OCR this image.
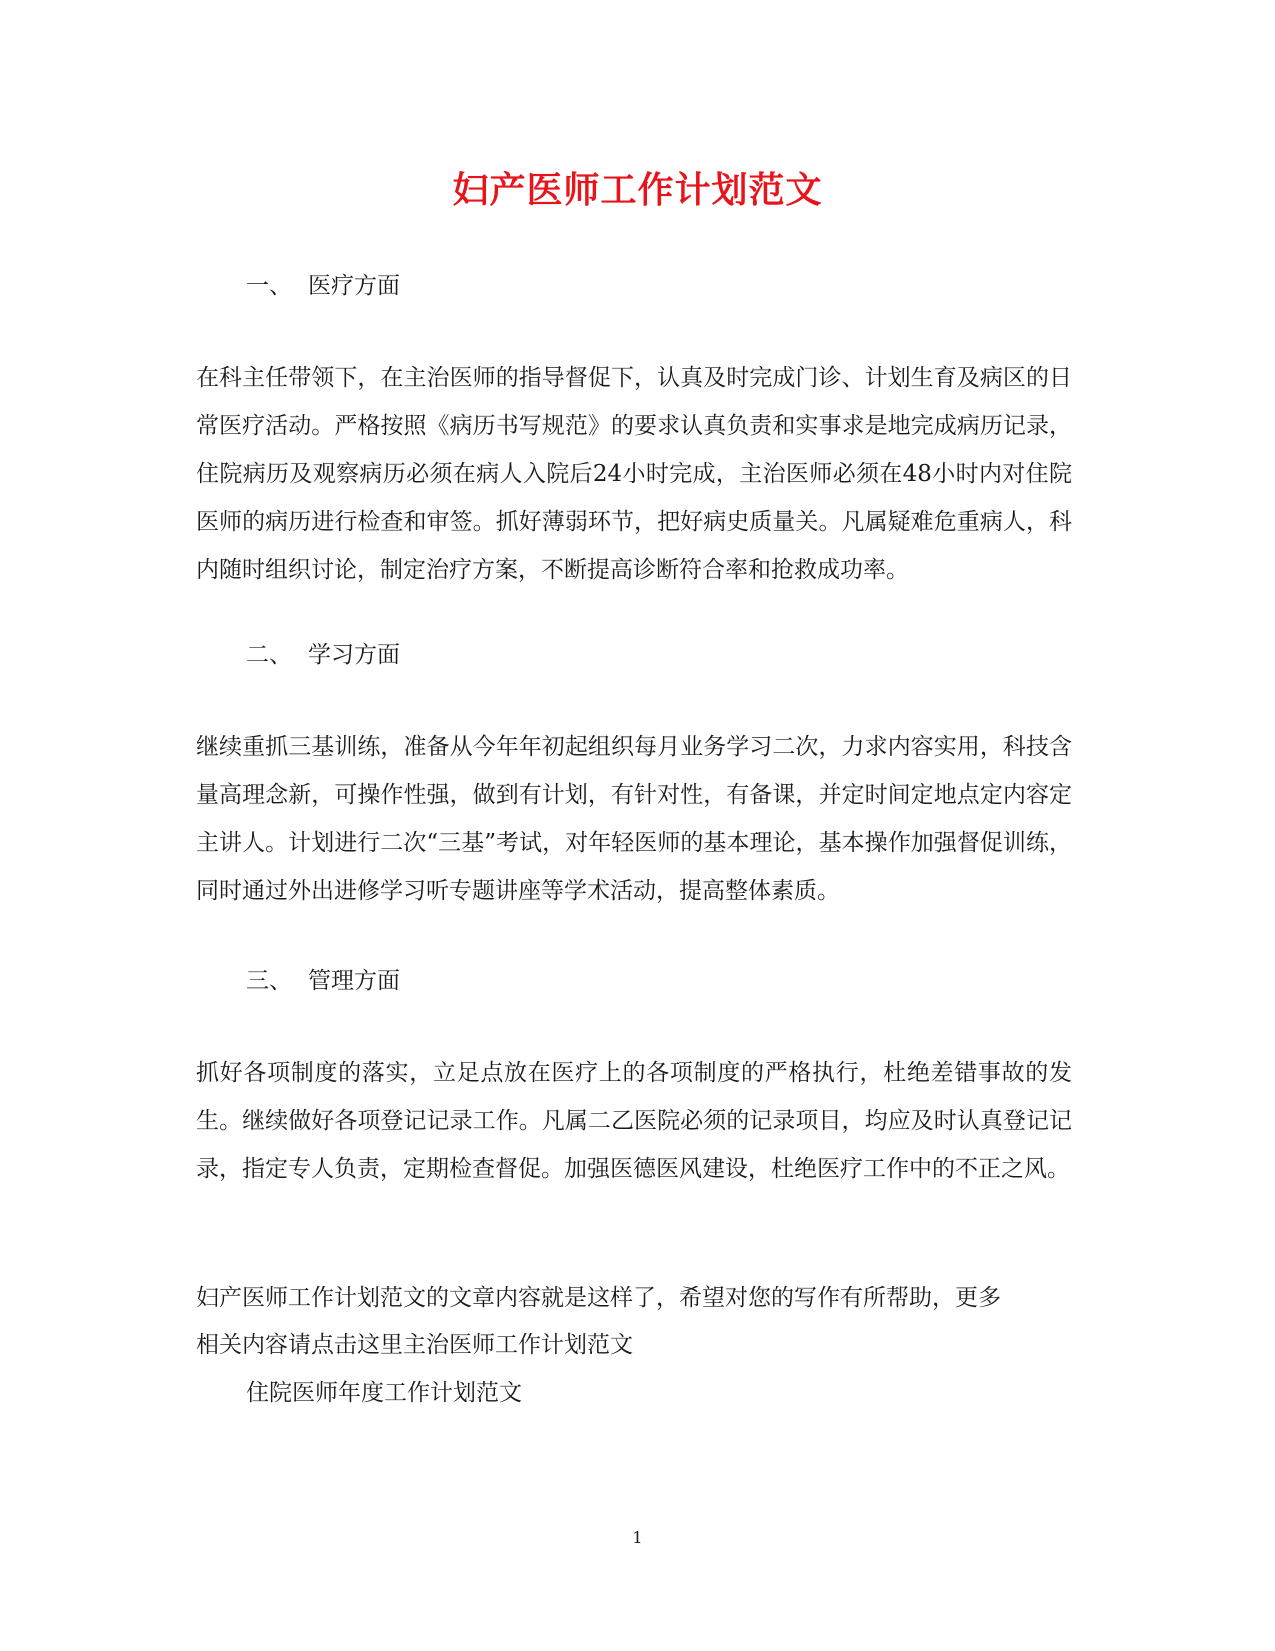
妇产医师工作计划范文
一、 医疗方面
在科主任带领下，在主治医师的指导督促下，认真及时完成门诊、计划生育及病区的日常医疗活动。严格按照《病历书写规范》的要求认真负责和实事求是地完成病历记录，住院病历及观察病历必须在病人入院后24小时完成，主治医师必须在48小时内对住院医师的病历进行检查和审签。抓好薄弱环节，把好病史质量关。凡属疑难危重病人，科内随时组织讨论，制定治疗方案，不断提高诊断符合率和抢救成功率。
二、 学习方面
继续重抓三基训练，准备从今年年初起组织每月业务学习二次，力求内容实用，科技含量高理念新，可操作性强，做到有计划，有针对性，有备课，并定时间定地点定内容定主讲人。计划进行二次“三基”考试，对年轻医师的基本理论，基本操作加强督促训练，同时通过外出进修学习听专题讲座等学术活动，提高整体素质。
三、 管理方面
抓好各项制度的落实，立足点放在医疗上的各项制度的严格执行，杜绝差错事故的发生。继续做好各项登记记录工作。凡属二乙医院必须的记录项目，均应及时认真登记记录，指定专人负责，定期检查督促。加强医德医风建设，杜绝医疗工作中的不正之风。
妇产医师工作计划范文的文章内容就是这样了，希望对您的写作有所帮助，更多
相关内容请点击这里主治医师工作计划范文
住院医师年度工作计划范文
1
